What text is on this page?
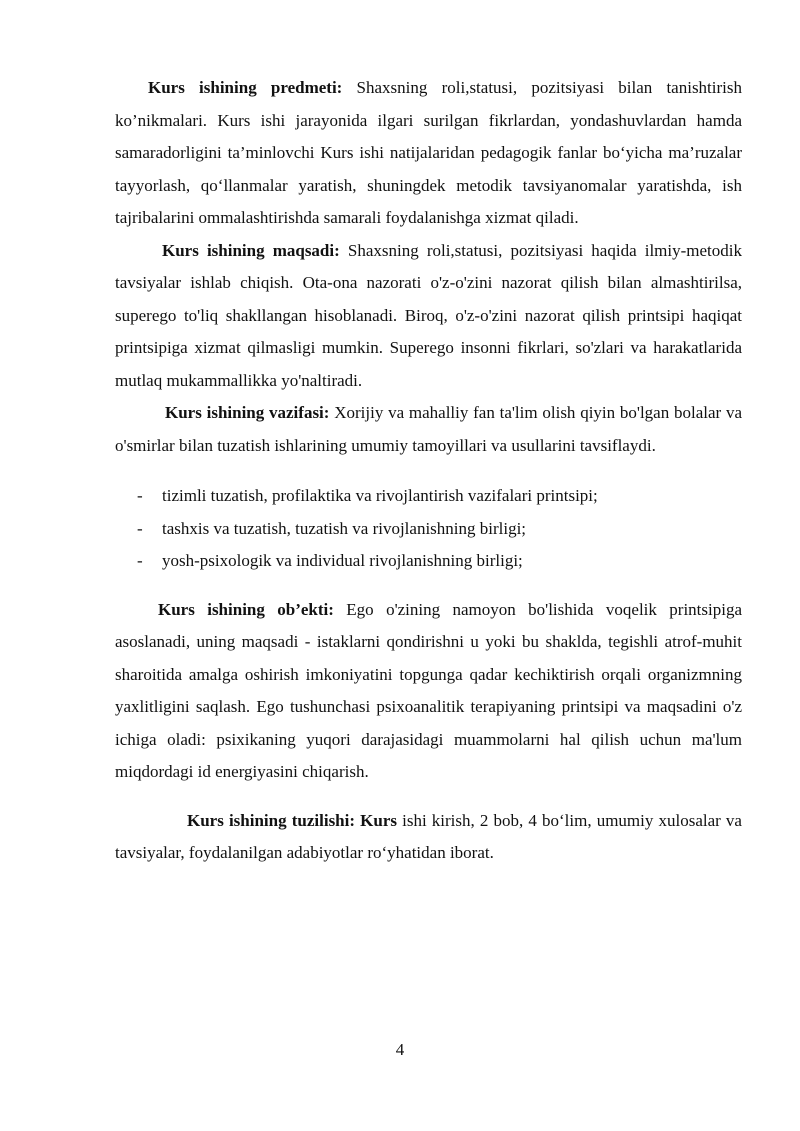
Kurs ishining predmeti: Shaxsning roli,statusi, pozitsiyasi bilan tanishtirish ko’nikmalari. Kurs ishi jarayonida ilgari surilgan fikrlardan, yondashuvlardan hamda samaradorligini ta’minlovchi Kurs ishi natijalaridan pedagogik fanlar bo‘yicha ma’ruzalar tayyorlash, qo‘llanmalar yaratish, shuningdek metodik tavsiyanomalar yaratishda, ish tajribalarini ommalashtirishda samarali foydalanishga xizmat qiladi.

Kurs ishining maqsadi: Shaxsning roli,statusi, pozitsiyasi haqida ilmiy-metodik tavsiyalar ishlab chiqish. Ota-ona nazorati o'z-o'zini nazorat qilish bilan almashtirilsa, superego to'liq shakllangan hisoblanadi. Biroq, o'z-o'zini nazorat qilish printsipi haqiqat printsipiga xizmat qilmasligi mumkin. Superego insonni fikrlari, so'zlari va harakatlarida mutlaq mukammallikka yo'naltiradi.

Kurs ishining vazifasi: Xorijiy va mahalliy fan ta'lim olish qiyin bo'lgan bolalar va o'smirlar bilan tuzatish ishlarining umumiy tamoyillari va usullarini tavsiflaydi.

- tizimli tuzatish, profilaktika va rivojlantirish vazifalari printsipi;
- tashxis va tuzatish, tuzatish va rivojlanishning birligi;
- yosh-psixologik va individual rivojlanishning birligi;

Kurs ishining ob’ekti: Ego o'zining namoyon bo'lishida voqelik printsipiga asoslanadi, uning maqsadi - istaklarni qondirishni u yoki bu shaklda, tegishli atrof-muhit sharoitida amalga oshirish imkoniyatini topgunga qadar kechiktirish orqali organizmning yaxlitligini saqlash. Ego tushunchasi psixoanalitik terapiyaning printsipi va maqsadini o'z ichiga oladi: psixikaning yuqori darajasidagi muammolarni hal qilish uchun ma'lum miqdordagi id energiyasini chiqarish.

Kurs ishining tuzilishi: Kurs ishi kirish, 2 bob, 4 bo‘lim, umumiy xulosalar va tavsiyalar, foydalanilgan adabiyotlar ro‘yhatidan iborat.

4
